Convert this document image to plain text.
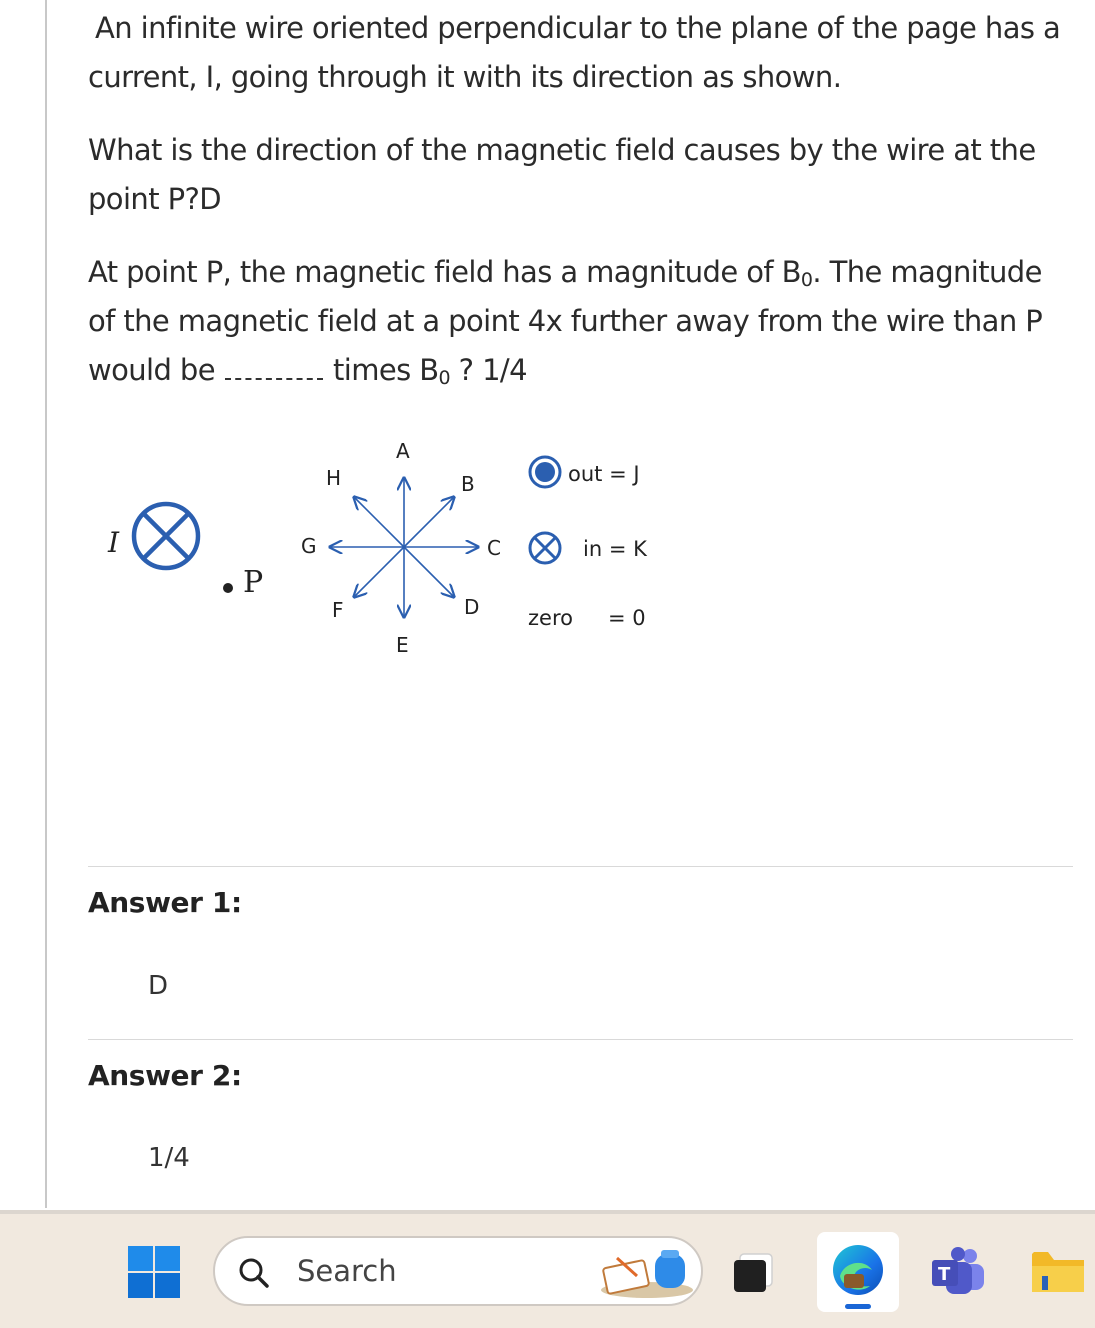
An infinite wire oriented perpendicular to the plane of the page has a
current, I, going through it with its direction as shown.
What is the direction of the magnetic field causes by the wire at the
point P?D
At point P, the magnetic field has a magnitude of $B_0$. The magnitude
of the magnetic field at a point 4x further away from the wire than P
would be	times $B_0$ ? 1/4
I
P
A
B
C
D
E
F
G
H	out = J
in = K
zero = 0
Answer 1:
D
Answer 2:
1/4
Search	T
